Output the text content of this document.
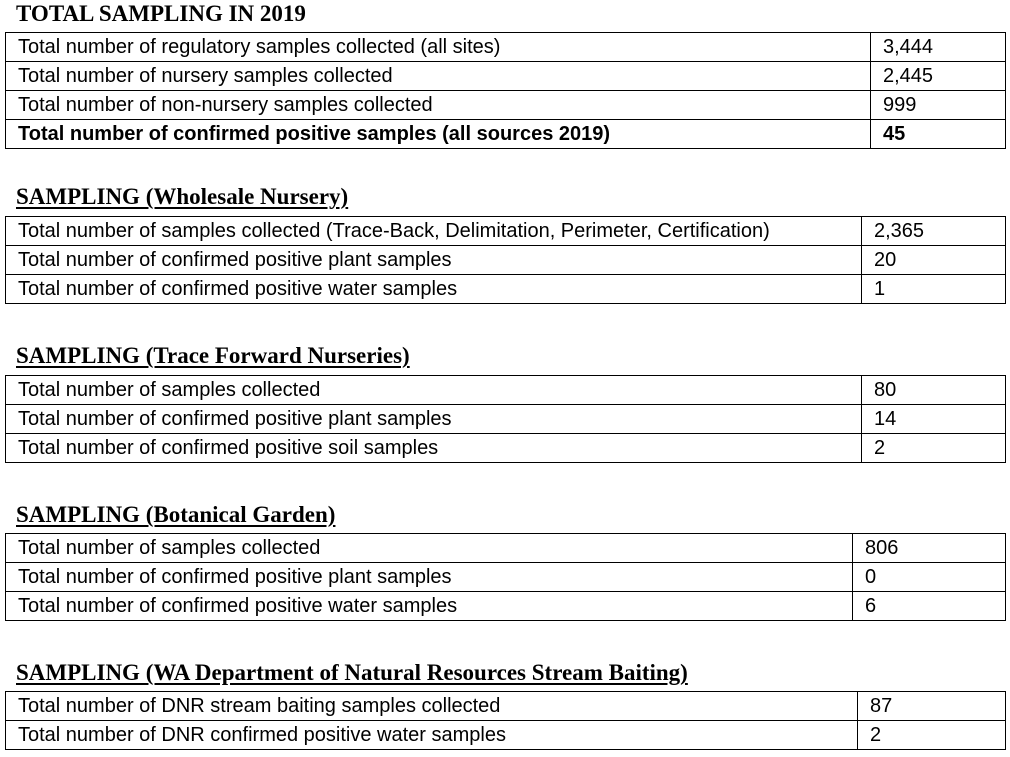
TOTAL SAMPLING IN 2019
Total number of regulatory samples collected (all sites)	3,444
Total number of nursery samples collected	2,445
Total number of non-nursery samples collected	999
Total number of confirmed positive samples (all sources 2019)	45
SAMPLING (Wholesale Nursery)
Total number of samples collected (Trace-Back, Delimitation, Perimeter, Certification)	2,365
Total number of confirmed positive plant samples	20
Total number of confirmed positive water samples	1
SAMPLING (Trace Forward Nurseries)
Total number of samples collected	80
Total number of confirmed positive plant samples	14
Total number of confirmed positive soil samples	2
SAMPLING (Botanical Garden)
Total number of samples collected	806
Total number of confirmed positive plant samples	0
Total number of confirmed positive water samples	6
SAMPLING (WA Department of Natural Resources Stream Baiting)
Total number of DNR stream baiting samples collected	87
Total number of DNR confirmed positive water samples	2
